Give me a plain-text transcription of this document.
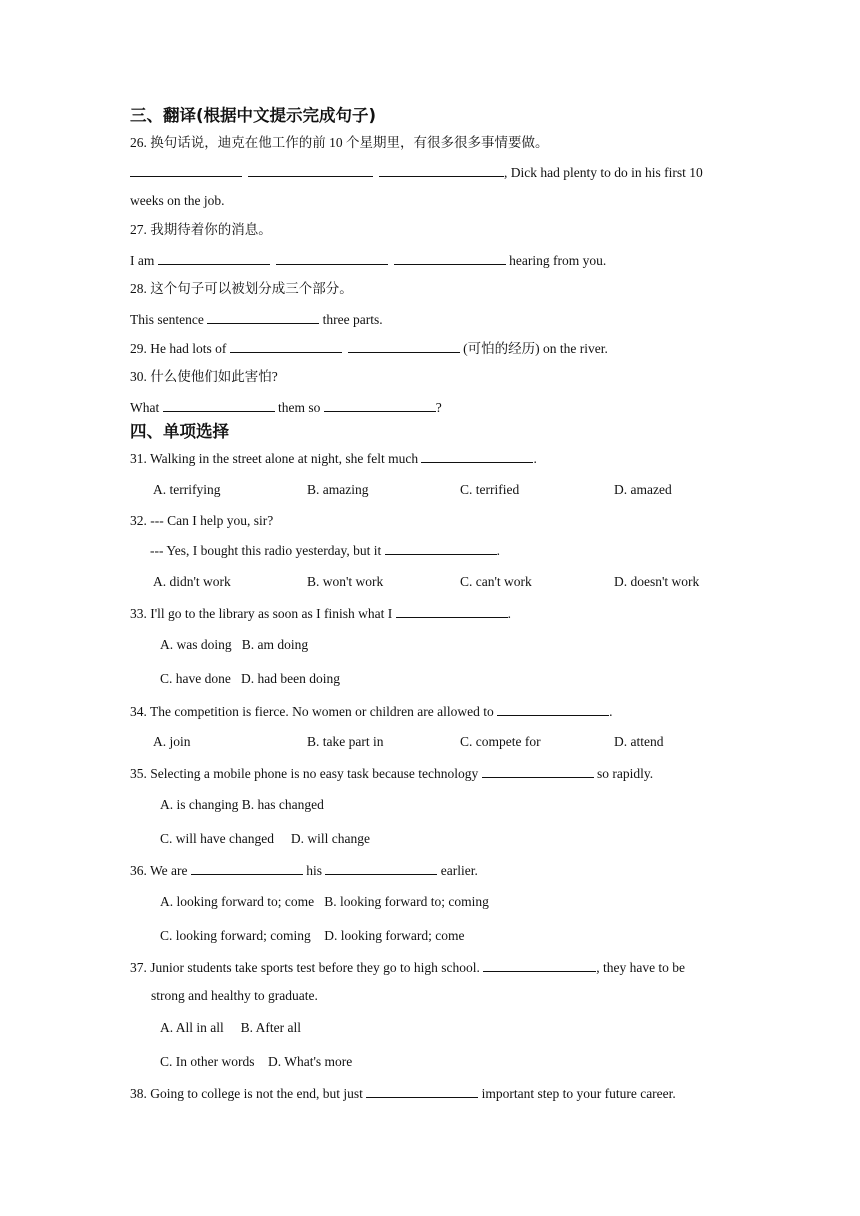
三、翻译(根据中文提示完成句子)
26. 换句话说，迪克在他工作的前 10 个星期里，有很多很多事情要做。
, Dick had plenty to do in his first 10
weeks on the job.
27. 我期待着你的消息。
I am	hearing from you.
28. 这个句子可以被划分成三个部分。
This sentence	three parts.
29. He had lots of	(可怕的经历) on the river.
30. 什么使他们如此害怕?
What	them so	?
四、单项选择
31. Walking in the street alone at night, she felt much	.
A. terrifying	B. amazing	C. terrified	D. amazed
32. --- Can I help you, sir?
--- Yes, I bought this radio yesterday, but it	.
A. didn't work	B. won't work	C. can't work	D. doesn't work
33. I'll go to the library as soon as I finish what I	.
A. was doing   B. am doing
C. have done   D. had been doing
34. The competition is fierce. No women or children are allowed to	.
A. join	B. take part in	C. compete for	D. attend
35. Selecting a mobile phone is no easy task because technology	so rapidly.
A. is changing B. has changed
C. will have changed     D. will change
36. We are	his	earlier.
A. looking forward to; come   B. looking forward to; coming
C. looking forward; coming    D. looking forward; come
37. Junior students take sports test before they go to high school.	, they have to be
strong and healthy to graduate.
A. All in all     B. After all
C. In other words    D. What's more
38. Going to college is not the end, but just	important step to your future career.
